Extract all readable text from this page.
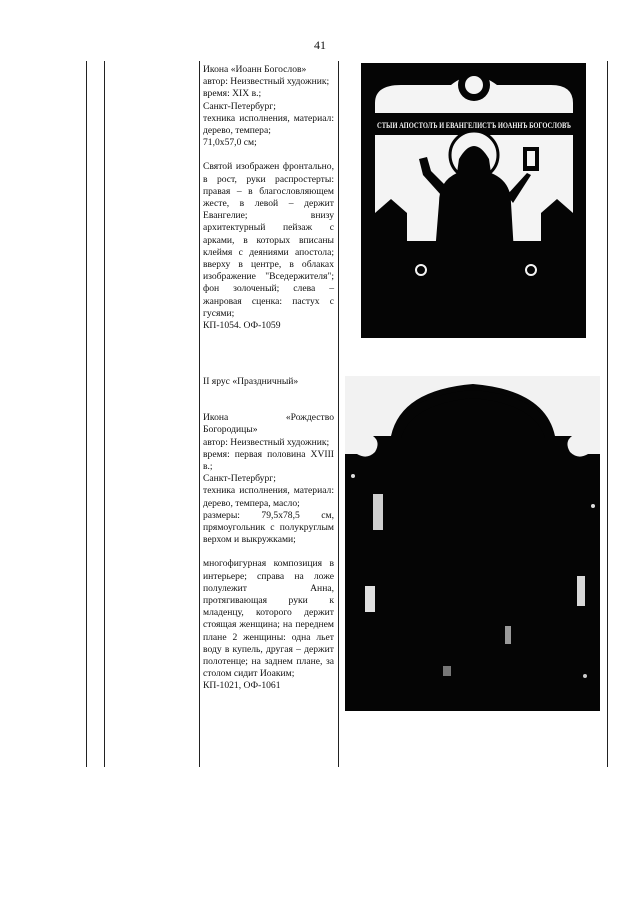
41
Икона «Иоанн Богослов»
автор: Неизвестный художник;
время: XIX в.;
Санкт-Петербург;
техника исполнения, материал: дерево, темпера;
71,0х57,0 см;
Святой изображен фронтально, в рост, руки распростерты: правая – в благословляющем жесте, в левой – держит Евангелие; внизу архитектурный пейзаж с арками, в которых вписаны клеймя с деяниями апостола; вверху в центре, в облаках изображение "Вседержителя"; фон золоченый; слева – жанровая сценка: пастух с гусями;
КП-1054. ОФ-1059
II ярус «Праздничный»
Икона «Рождество Богородицы»
автор: Неизвестный художник;
время: первая половина XVIII в.;
Санкт-Петербург;
техника исполнения, материал: дерево, темпера, масло;
размеры: 79,5х78,5 см, прямоугольник с полукруглым верхом и выкружками;
многофигурная композиция в интерьере; справа на ложе полулежит Анна, протягивающая руки к младенцу, которого держит стоящая женщина; на переднем плане 2 женщины: одна льет воду в купель, другая – держит полотенце; на заднем плане, за столом сидит Иоаким;
КП-1021, ОФ-1061
СТЫИ АПОСТОЛЪ И ЕВАНГЕЛИСТЪ ИОАННЪ БОГОСЛОВЪ
